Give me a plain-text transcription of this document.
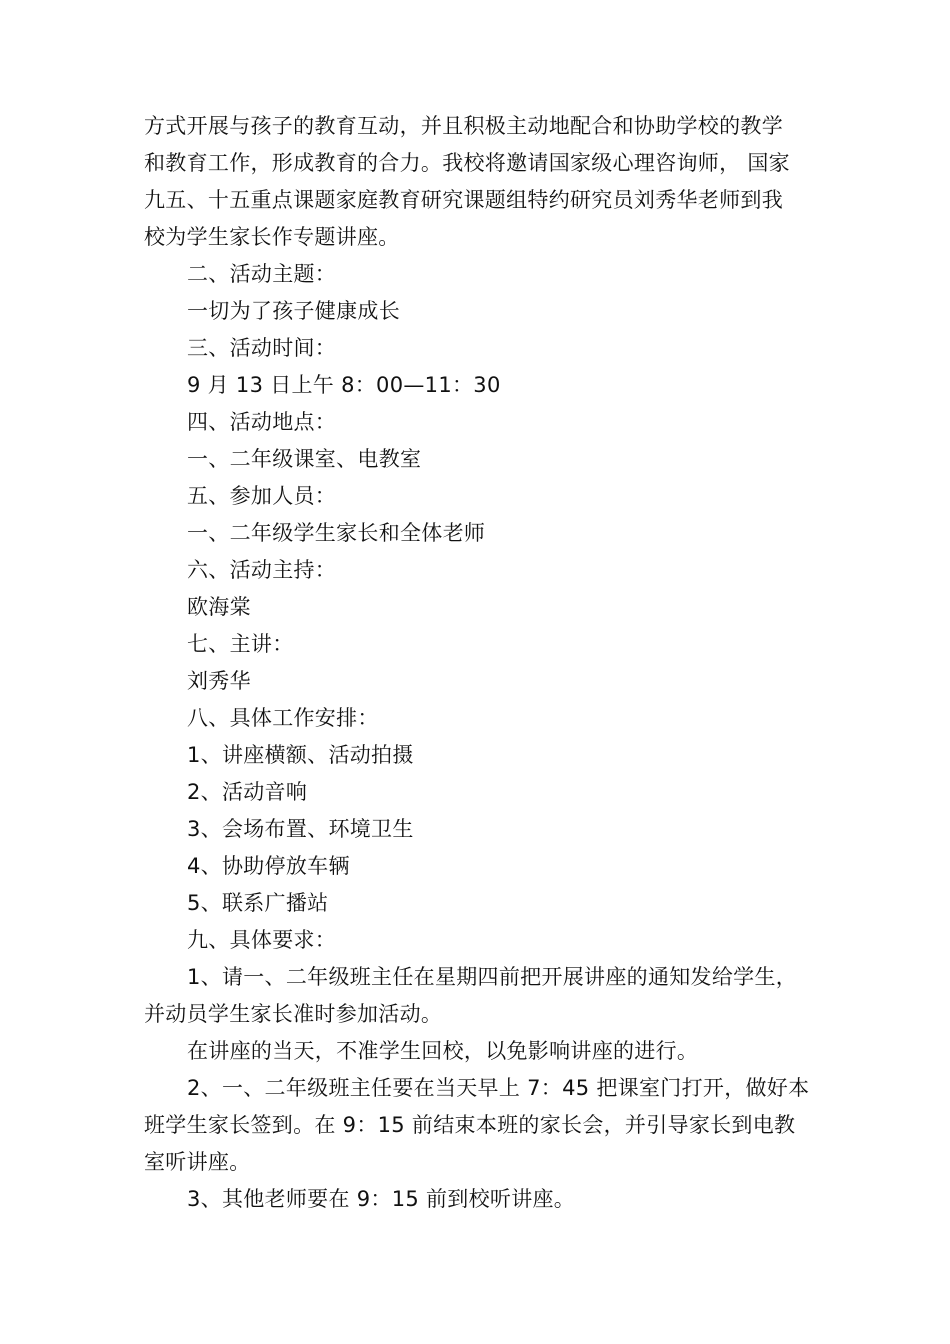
方式开展与孩子的教育互动，并且积极主动地配合和协助学校的教学
和教育工作，形成教育的合力。我校将邀请国家级心理咨询师， 国家
九五、十五重点课题家庭教育研究课题组特约研究员刘秀华老师到我
校为学生家长作专题讲座。
二、活动主题：
一切为了孩子健康成长
三、活动时间：
9 月 13 日上午 8：00—11：30
四、活动地点：
一、二年级课室、电教室
五、参加人员：
一、二年级学生家长和全体老师
六、活动主持：
欧海棠
七、主讲：
刘秀华
八、具体工作安排：
1、讲座横额、活动拍摄
2、活动音响
3、会场布置、环境卫生
4、协助停放车辆
5、联系广播站
九、具体要求：
1、请一、二年级班主任在星期四前把开展讲座的通知发给学生，
并动员学生家长准时参加活动。
在讲座的当天，不准学生回校，以免影响讲座的进行。
2、一、二年级班主任要在当天早上 7：45 把课室门打开，做好本
班学生家长签到。在 9：15 前结束本班的家长会，并引导家长到电教
室听讲座。
3、其他老师要在 9：15 前到校听讲座。
